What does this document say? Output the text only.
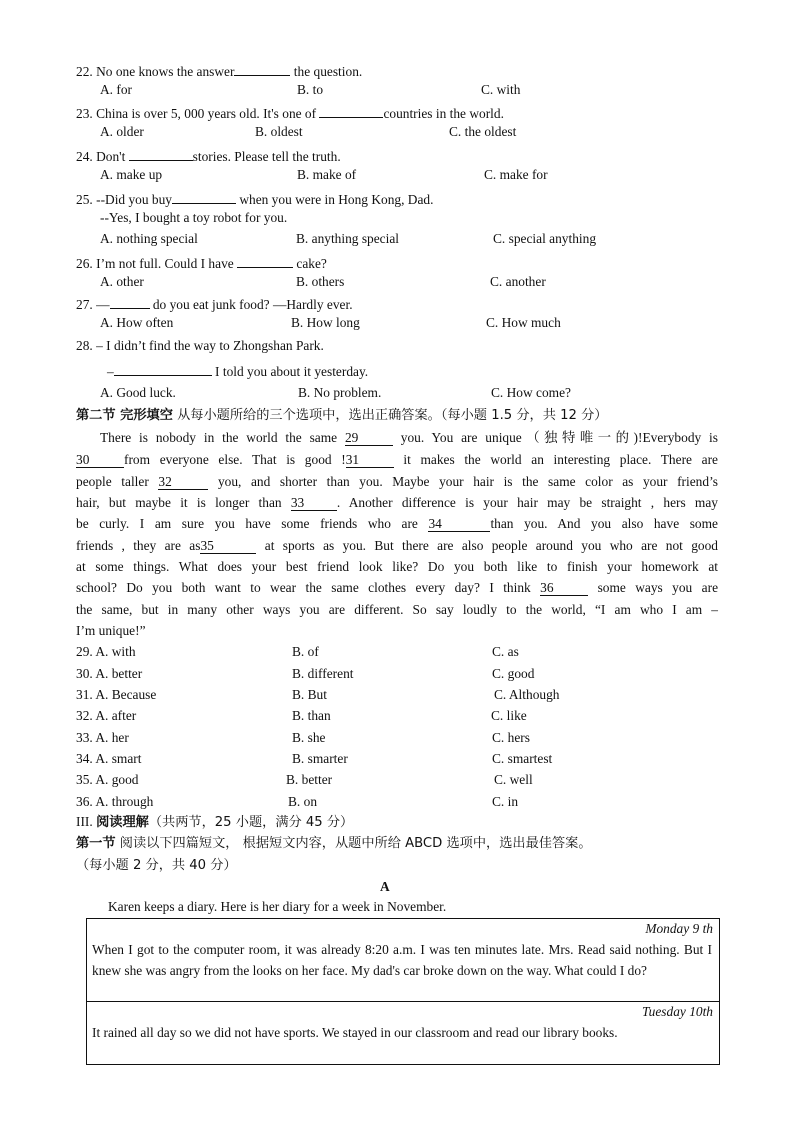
22. No one knows the answer	the question.
A. for	B. to	C. with
23. China is over 5, 000 years old. It's one of	countries in the world.
A. older	B. oldest	C. the oldest
24. Don't	stories. Please tell the truth.
A. make up	B. make of	C. make for
25. --Did you buy	when you were in Hong Kong, Dad.
--Yes, I bought a toy robot for you.
A. nothing special	B. anything special	C. special anything
26. I’m not full. Could I have	cake?
A. other	B. others	C. another
27. —	do you eat junk food? —Hardly ever.
A. How often	B. How long	C. How much
28. – I didn’t find the way to Zhongshan Park.
–	I told you about it yesterday.
A. Good luck.	B. No problem.	C. How come?
第二节 完形填空 从每小题所给的三个选项中，选出正确答案。（每小题 1.5 分，共 12 分）
There is nobody in the world the same 29	you. You are unique（独特唯一的)!Everybody is
30	from everyone else. That is good !31	it makes the world an interesting place. There are
people taller 32	you, and shorter than you. Maybe your hair is the same color as your friend’s
hair, but maybe it is longer than 33 . Another difference is your hair may be straight , hers may
be curly. I am sure you have some friends who are 34	than you. And you also have some
friends , they are as35	at sports as you. But there are also people around you who are not good
at some things. What does your best friend look like? Do you both like to finish your homework at
school? Do you both want to wear the same clothes every day? I think 36	some ways you are
the same, but in many other ways you are different. So say loudly to the world, “I am who I am –
I’m unique!”
29. A. with	B. of	C. as
30. A. better	B. different	C. good
31. A. Because	B. But	C. Although
32. A. after	B. than	C. like
33. A. her	B. she	C. hers
34. A. smart	B. smarter	C. smartest
35. A. good	B. better	C. well
36. A. through	B. on	C. in
III. 阅读理解（共两节，25 小题，满分 45 分）
第一节 阅读以下四篇短文， 根据短文内容，从题中所给 ABCD 选项中，选出最佳答案。
（每小题 2 分，共 40 分）
A
Karen keeps a diary. Here is her diary for a week in November.
Monday 9 th
When I got to the computer room, it was already 8:20 a.m. I was ten minutes late. Mrs. Read said nothing. But I knew she was angry from the looks on her face. My dad's car broke down on the way. What could I do?
Tuesday 10th
It rained all day so we did not have sports. We stayed in our classroom and read our library books.
